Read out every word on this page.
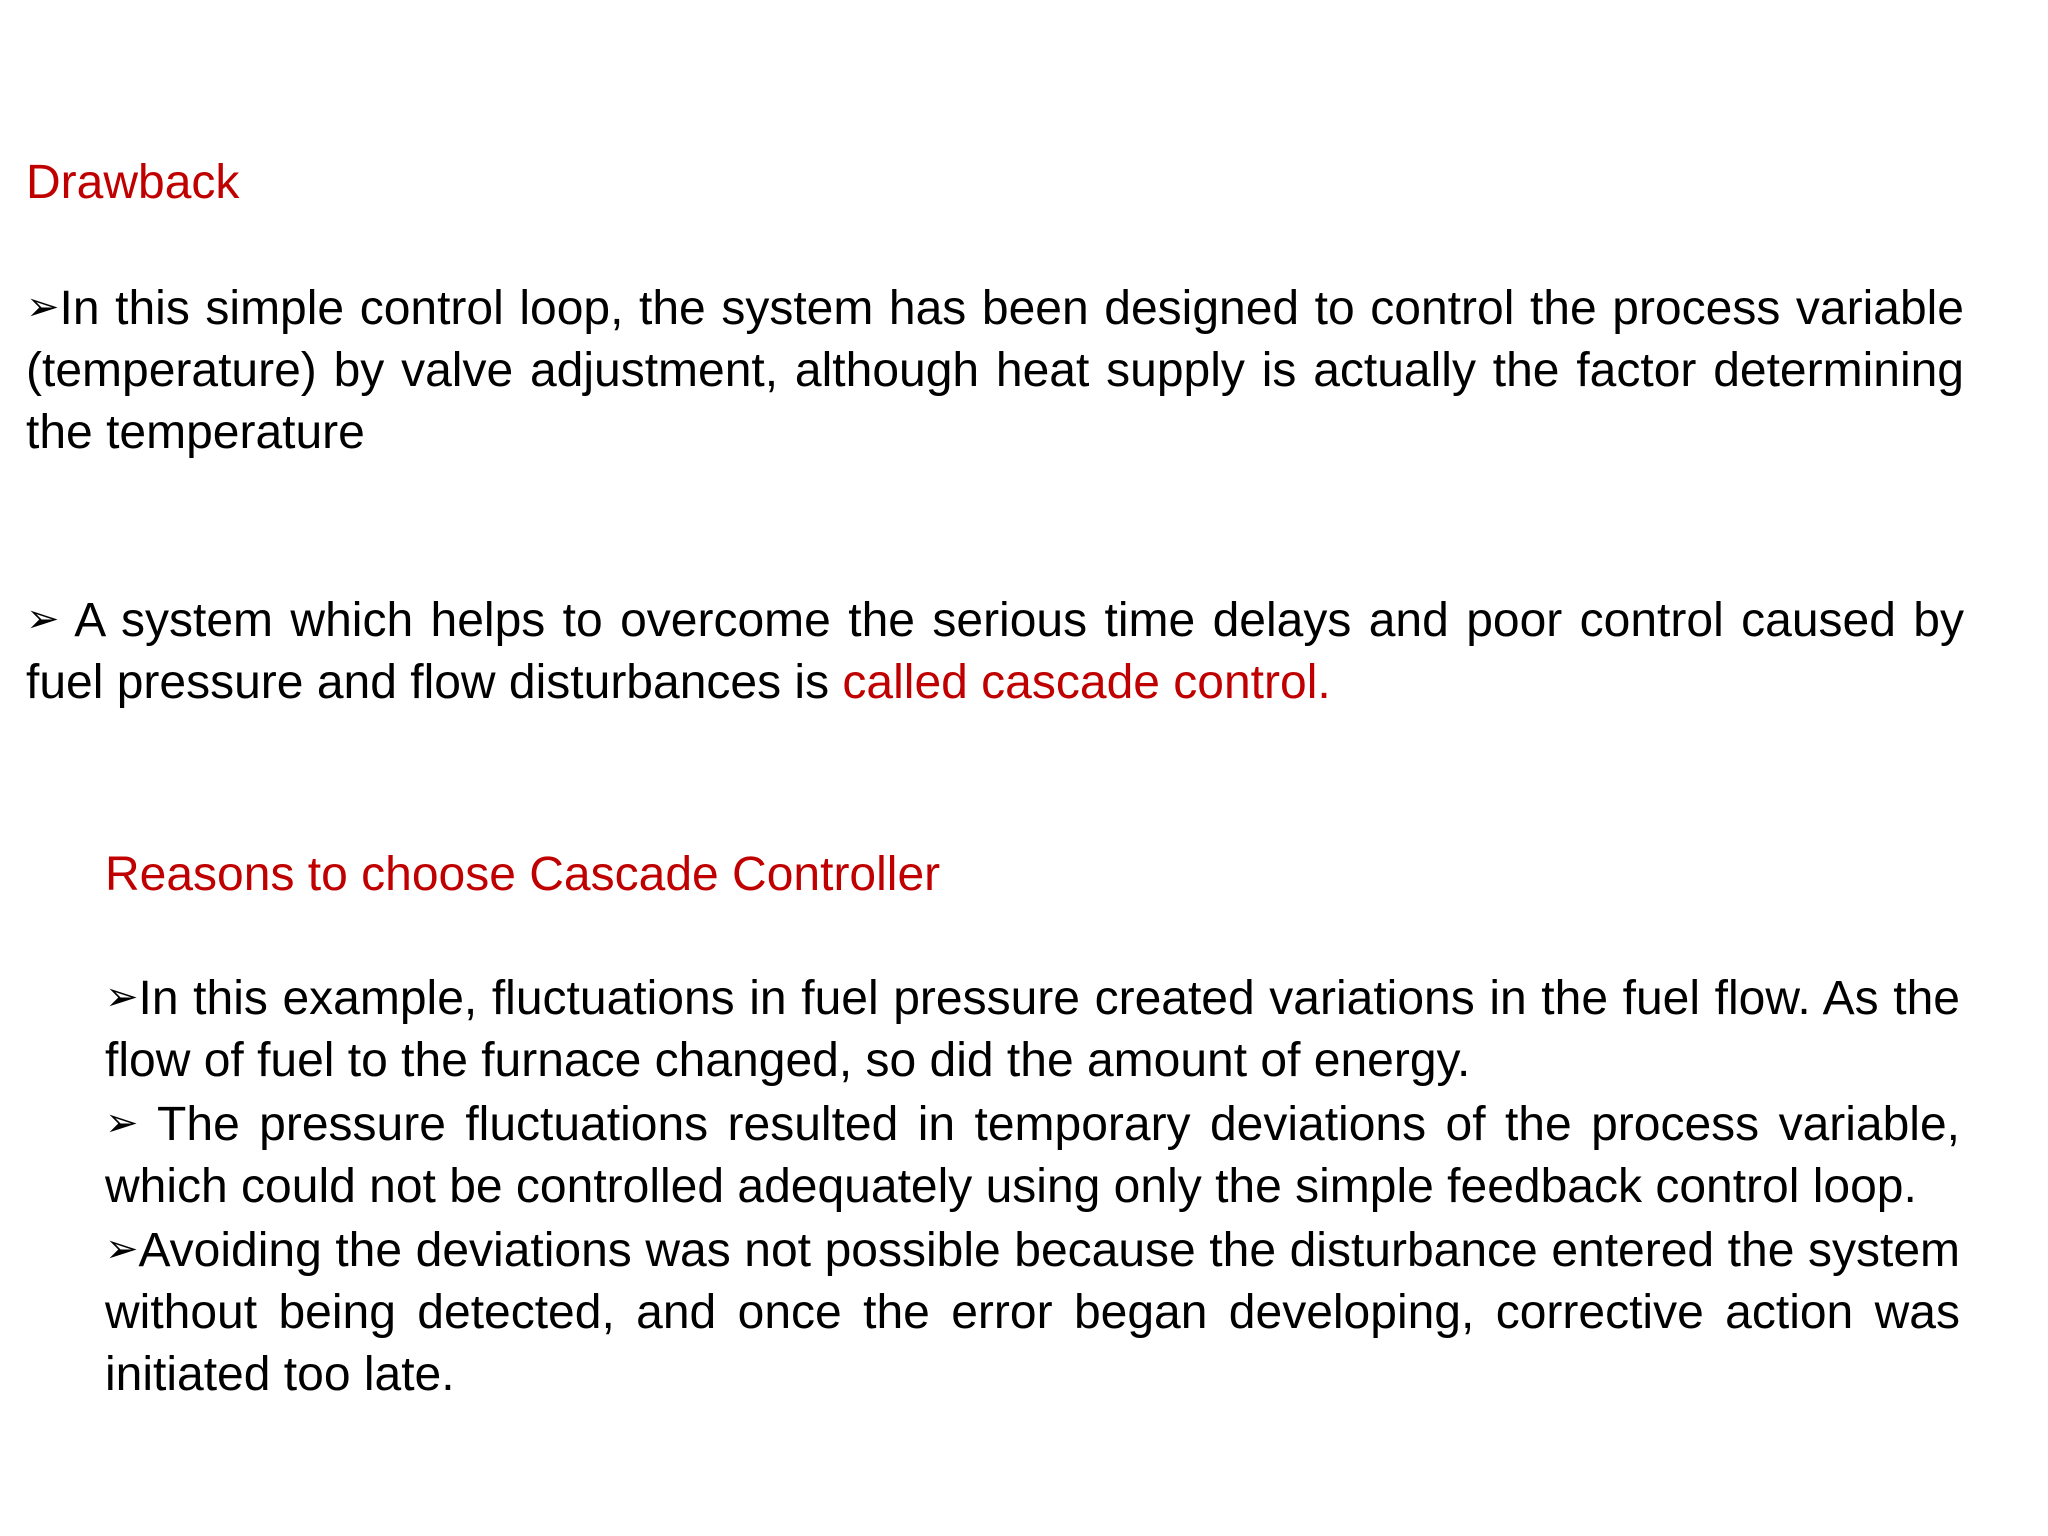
Drawback

➢In this simple control loop, the system has been designed to control the process variable (temperature) by valve adjustment, although heat supply is actually the factor determining the temperature

➢ A system which helps to overcome the serious time delays and poor control caused by fuel pressure and flow disturbances is called cascade control.

Reasons to choose Cascade Controller

➢In this example, fluctuations in fuel pressure created variations in the fuel flow. As the flow of fuel to the furnace changed, so did the amount of energy.

➢ The pressure fluctuations resulted in temporary deviations of the process variable, which could not be controlled adequately using only the simple feedback control loop.

➢Avoiding the deviations was not possible because the disturbance entered the system without being detected, and once the error began developing, corrective action was initiated too late.
